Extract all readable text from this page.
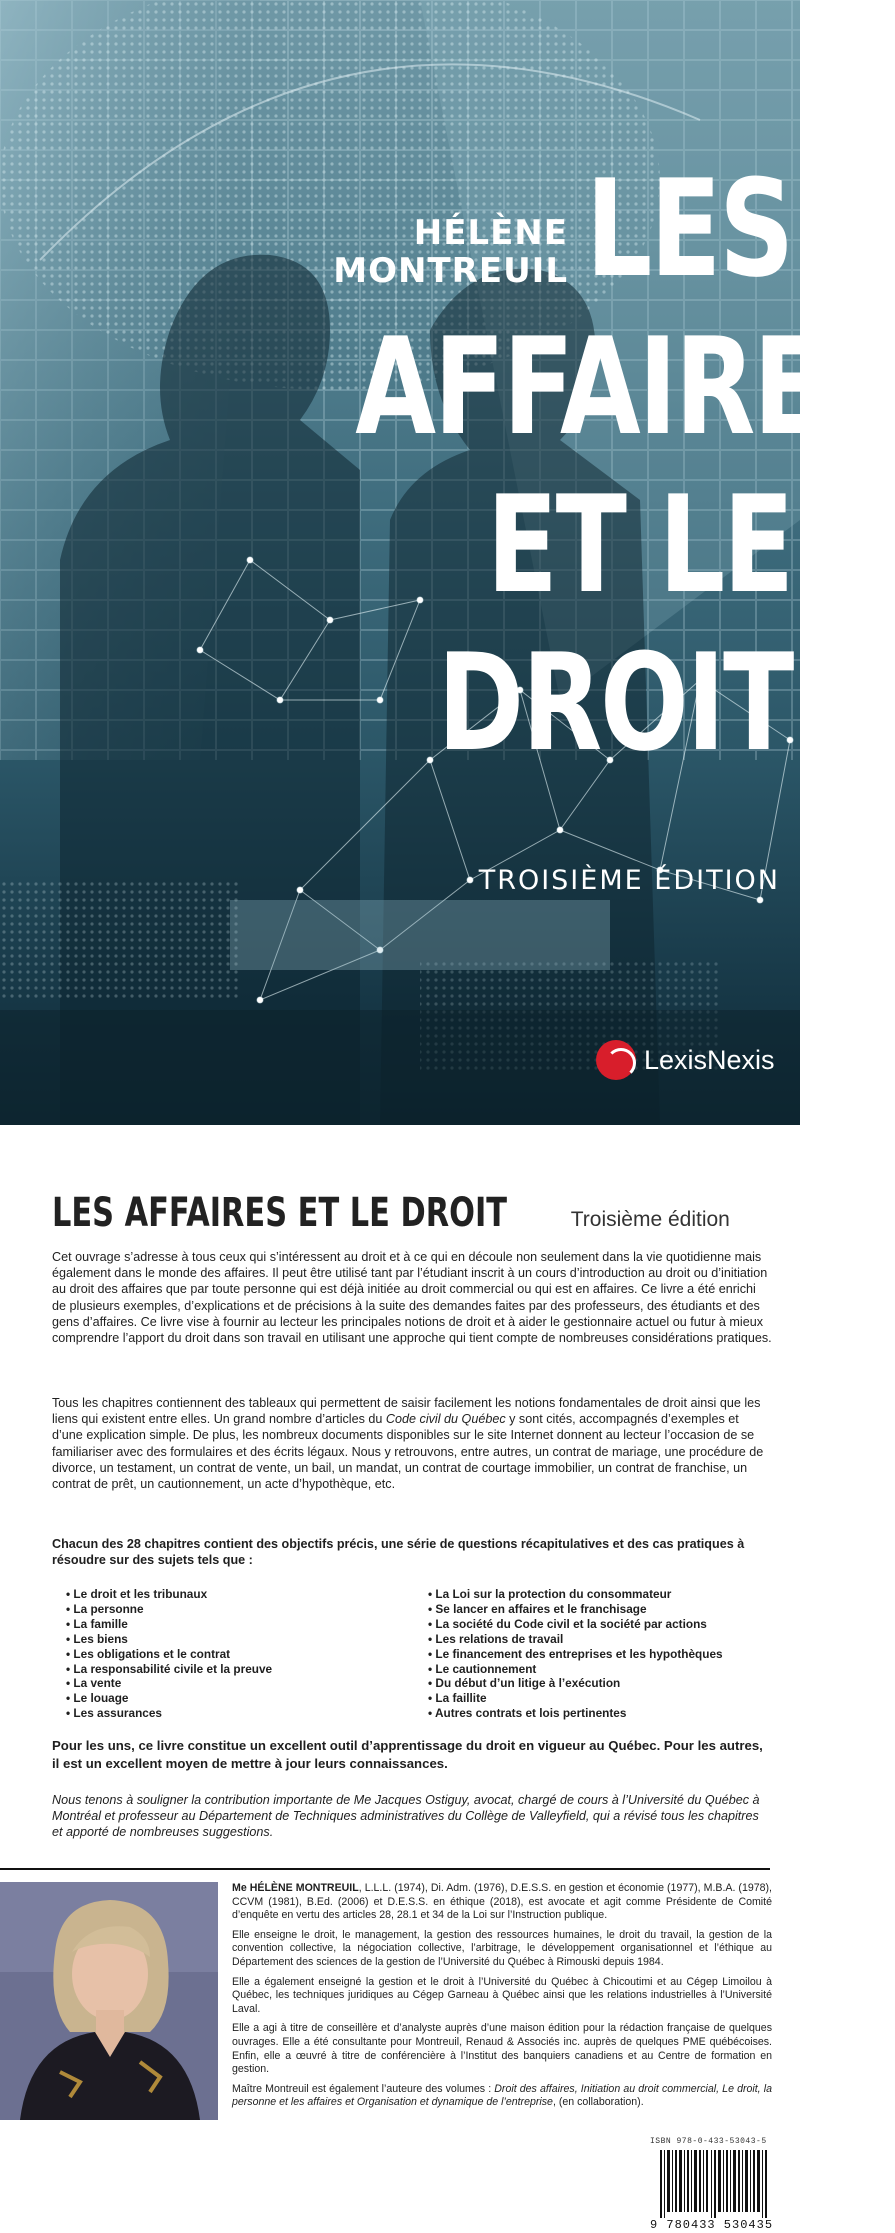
HÉLÈNE
MONTREUIL LES
AFFAIRES
ET LE
DROIT
TROISIÈME ÉDITION
LexisNexis
LES AFFAIRES ET LE DROIT	Troisième édition

Cet ouvrage s’adresse à tous ceux qui s’intéressent au droit et à ce qui en découle non seulement dans la vie quotidienne mais également dans le monde des affaires. Il peut être utilisé tant par l’étudiant inscrit à un cours d’introduction au droit ou d’initiation au droit des affaires que par toute personne qui est déjà initiée au droit commercial ou qui est en affaires. Ce livre a été enrichi de plusieurs exemples, d’explications et de précisions à la suite des demandes faites par des professeurs, des étudiants et des gens d’affaires. Ce livre vise à fournir au lecteur les principales notions de droit et à aider le gestionnaire actuel ou futur à mieux comprendre l’apport du droit dans son travail en utilisant une approche qui tient compte de nombreuses considérations pratiques.

Tous les chapitres contiennent des tableaux qui permettent de saisir facilement les notions fondamentales de droit ainsi que les liens qui existent entre elles. Un grand nombre d’articles du Code civil du Québec y sont cités, accompagnés d’exemples et d’une explication simple. De plus, les nombreux documents disponibles sur le site Internet donnent au lecteur l’occasion de se familiariser avec des formulaires et des écrits légaux. Nous y retrouvons, entre autres, un contrat de mariage, une procédure de divorce, un testament, un contrat de vente, un bail, un mandat, un contrat de courtage immobilier, un contrat de franchise, un contrat de prêt, un cautionnement, un acte d’hypothèque, etc.

Chacun des 28 chapitres contient des objectifs précis, une série de questions récapitulatives et des cas pratiques à résoudre sur des sujets tels que :

• Le droit et les tribunaux
• La personne
• La famille
• Les biens
• Les obligations et le contrat
• La responsabilité civile et la preuve
• La vente
• Le louage
• Les assurances
• La Loi sur la protection du consommateur
• Se lancer en affaires et le franchisage
• La société du Code civil et la société par actions
• Les relations de travail
• Le financement des entreprises et les hypothèques
• Le cautionnement
• Du début d’un litige à l’exécution
• La faillite
• Autres contrats et lois pertinentes

Pour les uns, ce livre constitue un excellent outil d’apprentissage du droit en vigueur au Québec. Pour les autres, il est un excellent moyen de mettre à jour leurs connaissances.

Nous tenons à souligner la contribution importante de Me Jacques Ostiguy, avocat, chargé de cours à l’Université du Québec à Montréal et professeur au Département de Techniques administratives du Collège de Valleyfield, qui a révisé tous les chapitres et apporté de nombreuses suggestions.

Me HÉLÈNE MONTREUIL, L.L.L. (1974), Di. Adm. (1976), D.E.S.S. en gestion et économie (1977), M.B.A. (1978), CCVM (1981), B.Ed. (2006) et D.E.S.S. en éthique (2018), est avocate et agit comme Présidente de Comité d’enquête en vertu des articles 28, 28.1 et 34 de la Loi sur l’Instruction publique.

Elle enseigne le droit, le management, la gestion des ressources humaines, le droit du travail, la gestion de la convention collective, la négociation collective, l’arbitrage, le développement organisationnel et l’éthique au Département des sciences de la gestion de l’Université du Québec à Rimouski depuis 1984.

Elle a également enseigné la gestion et le droit à l’Université du Québec à Chicoutimi et au Cégep Limoilou à Québec, les techniques juridiques au Cégep Garneau à Québec ainsi que les relations industrielles à l’Université Laval.

Elle a agi à titre de conseillère et d’analyste auprès d’une maison édition pour la rédaction française de quelques ouvrages. Elle a été consultante pour Montreuil, Renaud & Associés inc. auprès de quelques PME québécoises. Enfin, elle a œuvré à titre de conférencière à l’Institut des banquiers canadiens et au Centre de formation en gestion.

Maître Montreuil est également l’auteure des volumes : Droit des affaires, Initiation au droit commercial, Le droit, la personne et les affaires et Organisation et dynamique de l’entreprise, (en collaboration).

ISBN 978-0-433-53043-5
9 780433 530435
